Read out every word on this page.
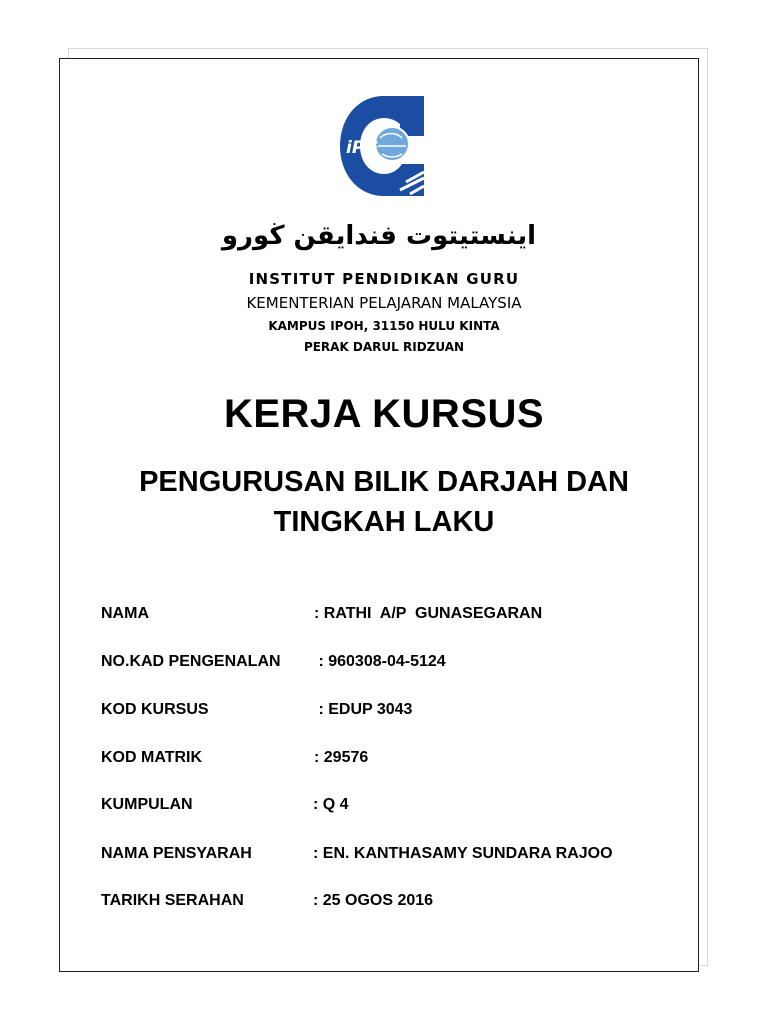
iPG
اينستيتوت فندايقن ڬورو
INSTITUT PENDIDIKAN GURU
KEMENTERIAN PELAJARAN MALAYSIA
KAMPUS IPOH, 31150 HULU KINTA
PERAK DARUL RIDZUAN
KERJA KURSUS
PENGURUSAN BILIK DARJAH DAN
TINGKAH LAKU

NAMA

	: RATHI  A/P  GUNASEGARAN

NO.KAD PENGENALAN

: 960308-04-5124

KOD KURSUS

	: EDUP 3043

KOD MATRIK

	: 29576

KUMPULAN

	: Q 4

NAMA PENSYARAH

	: EN. KANTHASAMY SUNDARA RAJOO

TARIKH SERAHAN

	: 25 OGOS 2016
